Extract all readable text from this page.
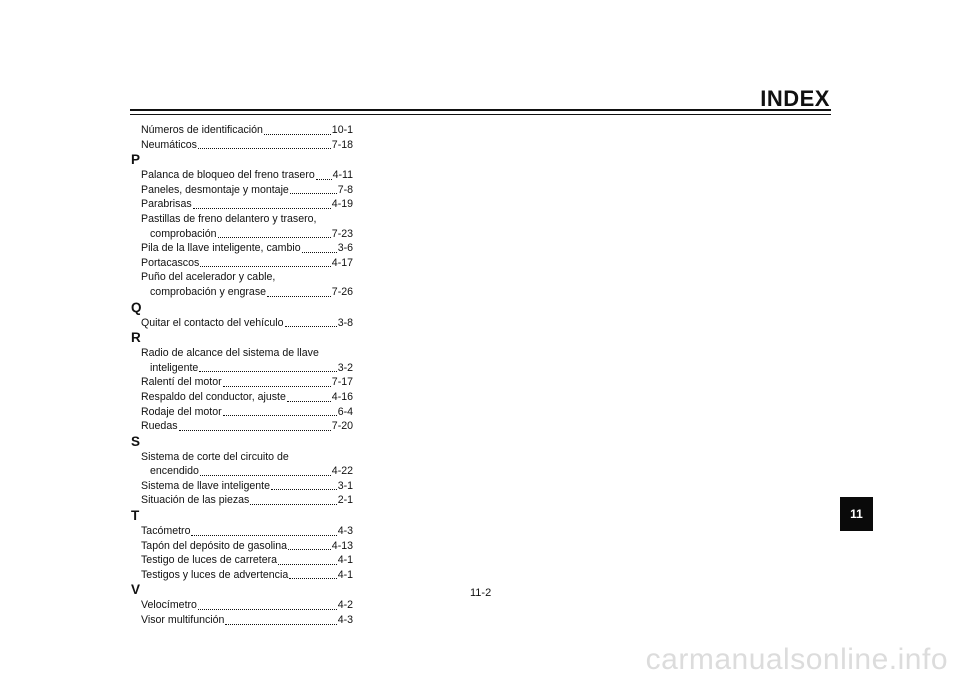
INDEX
Números de identificación	10-1
Neumáticos	7-18
P
Palanca de bloqueo del freno trasero 4-11
Paneles, desmontaje y montaje	7-8
Parabrisas	4-19
Pastillas de freno delantero y trasero,
comprobación	7-23
Pila de la llave inteligente, cambio	3-6
Portacascos	4-17
Puño del acelerador y cable,
comprobación y engrase	7-26
Q
Quitar el contacto del vehículo	3-8
R
Radio de alcance del sistema de llave
inteligente	3-2
Ralentí del motor	7-17
Respaldo del conductor, ajuste	4-16
Rodaje del motor	6-4
Ruedas	7-20
S
Sistema de corte del circuito de
encendido	4-22
Sistema de llave inteligente	3-1
Situación de las piezas	2-1
T
Tacómetro	4-3
Tapón del depósito de gasolina	4-13
Testigo de luces de carretera	4-1
Testigos y luces de advertencia	4-1
V
Velocímetro	4-2
Visor multifunción	4-3
11
11-2
carmanualsonline.info
